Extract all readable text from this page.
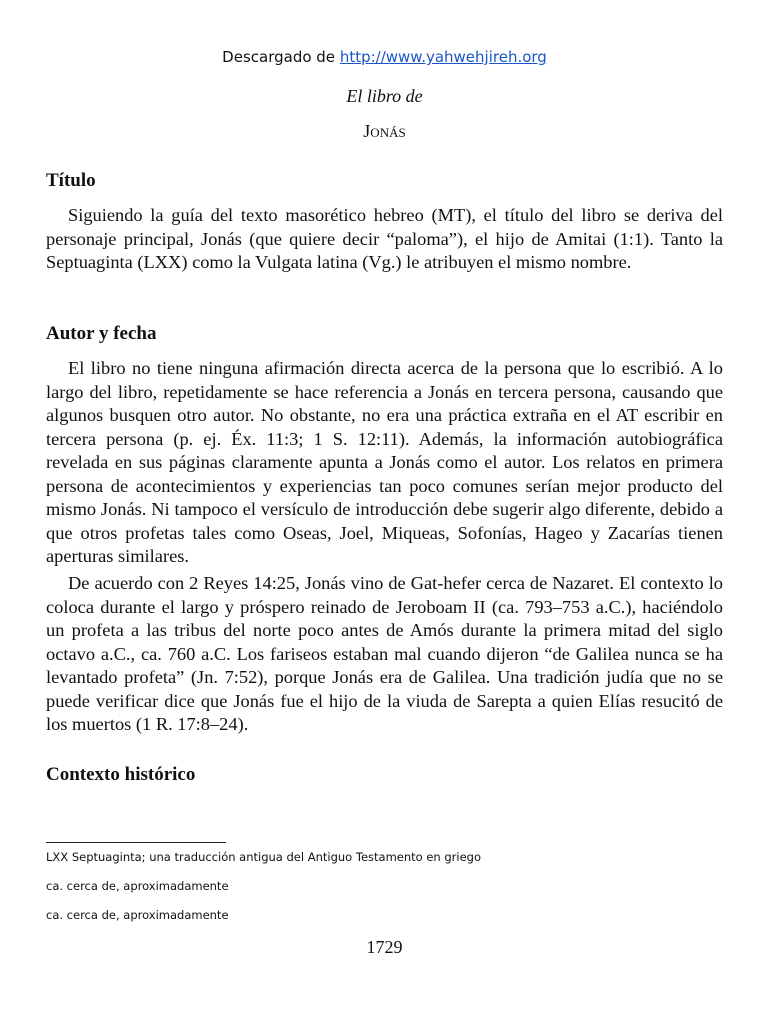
Descargado de http://www.yahwehjireh.org
El libro de
Jonás
Título

Siguiendo la guía del texto masorético hebreo (MT), el título del libro se deriva del personaje principal, Jonás (que quiere decir “paloma”), el hijo de Amitai (1:1). Tanto la Septuaginta (LXX) como la Vulgata latina (Vg.) le atribuyen el mismo nombre.

Autor y fecha

El libro no tiene ninguna afirmación directa acerca de la persona que lo escribió. A lo largo del libro, repetidamente se hace referencia a Jonás en tercera persona, causando que algunos busquen otro autor. No obstante, no era una práctica extraña en el AT escribir en tercera persona (p. ej. Éx. 11:3; 1 S. 12:11). Además, la información autobiográfica revelada en sus páginas claramente apunta a Jonás como el autor. Los relatos en primera persona de acontecimientos y experiencias tan poco comunes serían mejor producto del mismo Jonás. Ni tampoco el versículo de introducción debe sugerir algo diferente, debido a que otros profetas tales como Oseas, Joel, Miqueas, Sofonías, Hageo y Zacarías tienen aperturas similares.

De acuerdo con 2 Reyes 14:25, Jonás vino de Gat-hefer cerca de Nazaret. El contexto lo coloca durante el largo y próspero reinado de Jeroboam II (ca. 793–753 a.C.), haciéndolo un profeta a las tribus del norte poco antes de Amós durante la primera mitad del siglo octavo a.C., ca. 760 a.C. Los fariseos estaban mal cuando dijeron “de Galilea nunca se ha levantado profeta” (Jn. 7:52), porque Jonás era de Galilea. Una tradición judía que no se puede verificar dice que Jonás fue el hijo de la viuda de Sarepta a quien Elías resucitó de los muertos (1 R. 17:8–24).

Contexto histórico
LXX Septuaginta; una traducción antigua del Antiguo Testamento en griego
ca. cerca de, aproximadamente
ca. cerca de, aproximadamente
1729
